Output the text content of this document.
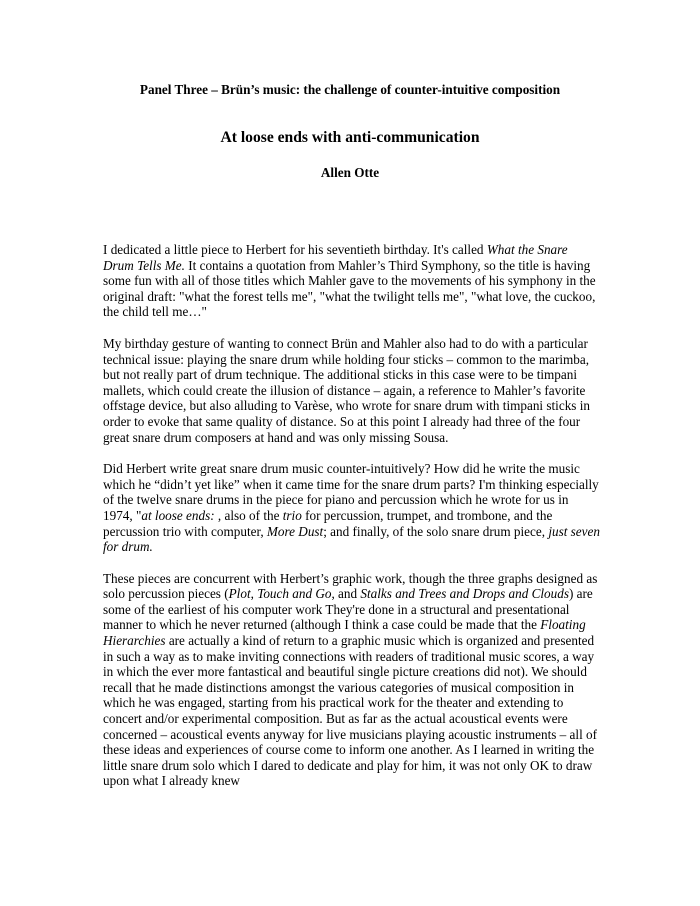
Panel Three – Brün’s music: the challenge of counter-intuitive composition
At loose ends with anti-communication
Allen Otte

I dedicated a little piece to Herbert for his seventieth birthday. It's called What the Snare Drum Tells Me. It contains a quotation from Mahler’s Third Symphony, so the title is having some fun with all of those titles which Mahler gave to the movements of his symphony in the original draft: "what the forest tells me", "what the twilight tells me", "what love, the cuckoo, the child tell me…"

My birthday gesture of wanting to connect Brün and Mahler also had to do with a particular technical issue: playing the snare drum while holding four sticks – common to the marimba, but not really part of drum technique. The additional sticks in this case were to be timpani mallets, which could create the illusion of distance – again, a reference to Mahler’s favorite offstage device, but also alluding to Varèse, who wrote for snare drum with timpani sticks in order to evoke that same quality of distance. So at this point I already had three of the four great snare drum composers at hand and was only missing Sousa.

Did Herbert write great snare drum music counter-intuitively? How did he write the music which he “didn’t yet like” when it came time for the snare drum parts? I'm thinking especially of the twelve snare drums in the piece for piano and percussion which he wrote for us in 1974, "at loose ends: , also of the trio for percussion, trumpet, and trombone, and the percussion trio with computer, More Dust; and finally, of the solo snare drum piece, just seven for drum.

These pieces are concurrent with Herbert’s graphic work, though the three graphs designed as solo percussion pieces (Plot, Touch and Go, and Stalks and Trees and Drops and Clouds) are some of the earliest of his computer work They're done in a structural and presentational manner to which he never returned (although I think a case could be made that the Floating Hierarchies are actually a kind of return to a graphic music which is organized and presented in such a way as to make inviting connections with readers of traditional music scores, a way in which the ever more fantastical and beautiful single picture creations did not). We should recall that he made distinctions amongst the various categories of musical composition in which he was engaged, starting from his practical work for the theater and extending to concert and/or experimental composition. But as far as the actual acoustical events were concerned – acoustical events anyway for live musicians playing acoustic instruments – all of these ideas and experiences of course come to inform one another. As I learned in writing the little snare drum solo which I dared to dedicate and play for him, it was not only OK to draw upon what I already knew
